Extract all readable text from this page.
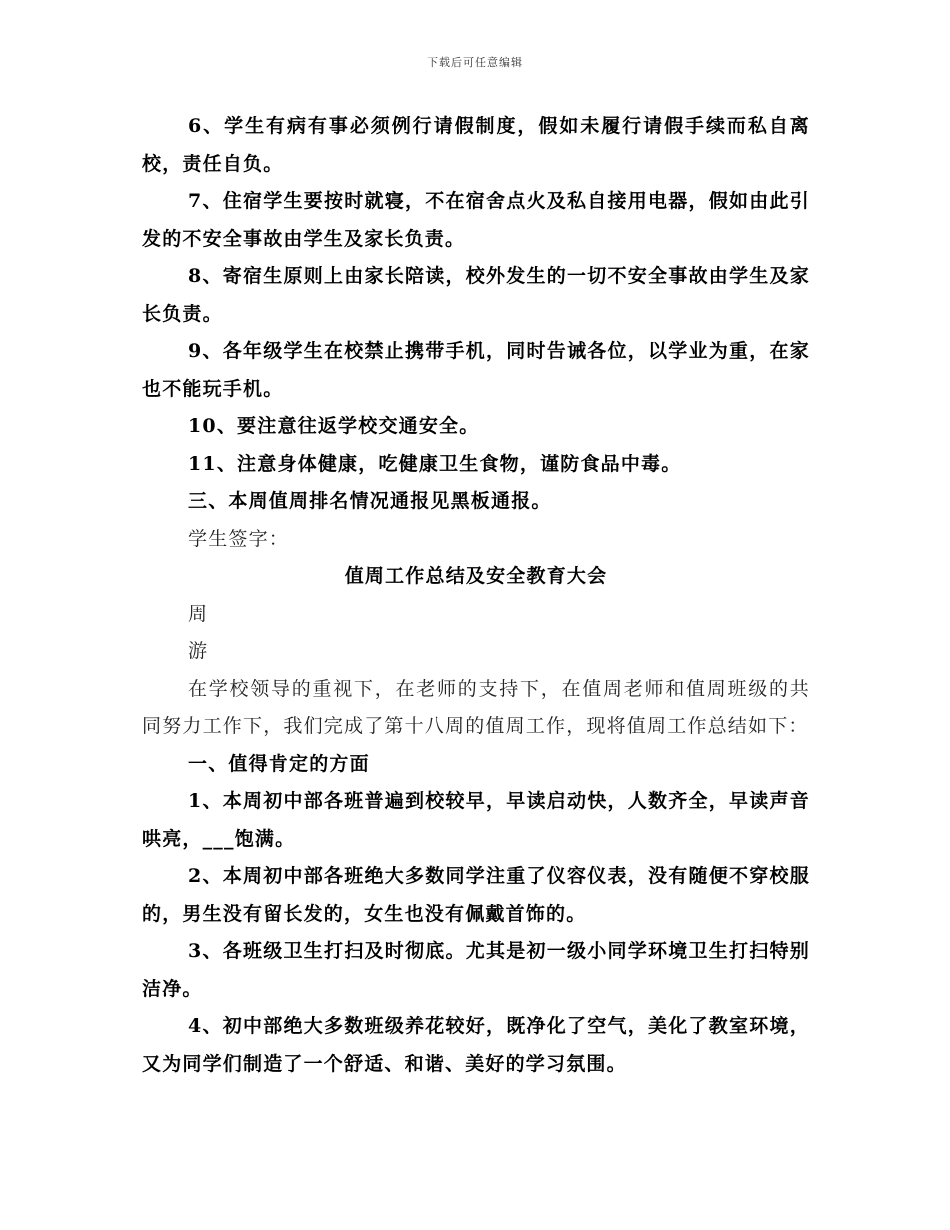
下载后可任意编辑

6、学生有病有事必须例行请假制度，假如未履行请假手续而私自离校，责任自负。

7、住宿学生要按时就寝，不在宿舍点火及私自接用电器，假如由此引发的不安全事故由学生及家长负责。

8、寄宿生原则上由家长陪读，校外发生的一切不安全事故由学生及家长负责。

9、各年级学生在校禁止携带手机，同时告诫各位，以学业为重，在家也不能玩手机。

10、要注意往返学校交通安全。

11、注意身体健康，吃健康卫生食物，谨防食品中毒。

三、本周值周排名情况通报见黑板通报。

学生签字：

值周工作总结及安全教育大会

周

游

在学校领导的重视下，在老师的支持下，在值周老师和值周班级的共同努力工作下，我们完成了第十八周的值周工作，现将值周工作总结如下：

一、值得肯定的方面

1、本周初中部各班普遍到校较早，早读启动快，人数齐全，早读声音哄亮，___饱满。

2、本周初中部各班绝大多数同学注重了仪容仪表，没有随便不穿校服的，男生没有留长发的，女生也没有佩戴首饰的。

3、各班级卫生打扫及时彻底。尤其是初一级小同学环境卫生打扫特别洁净。

4、初中部绝大多数班级养花较好，既净化了空气，美化了教室环境，又为同学们制造了一个舒适、和谐、美好的学习氛围。
